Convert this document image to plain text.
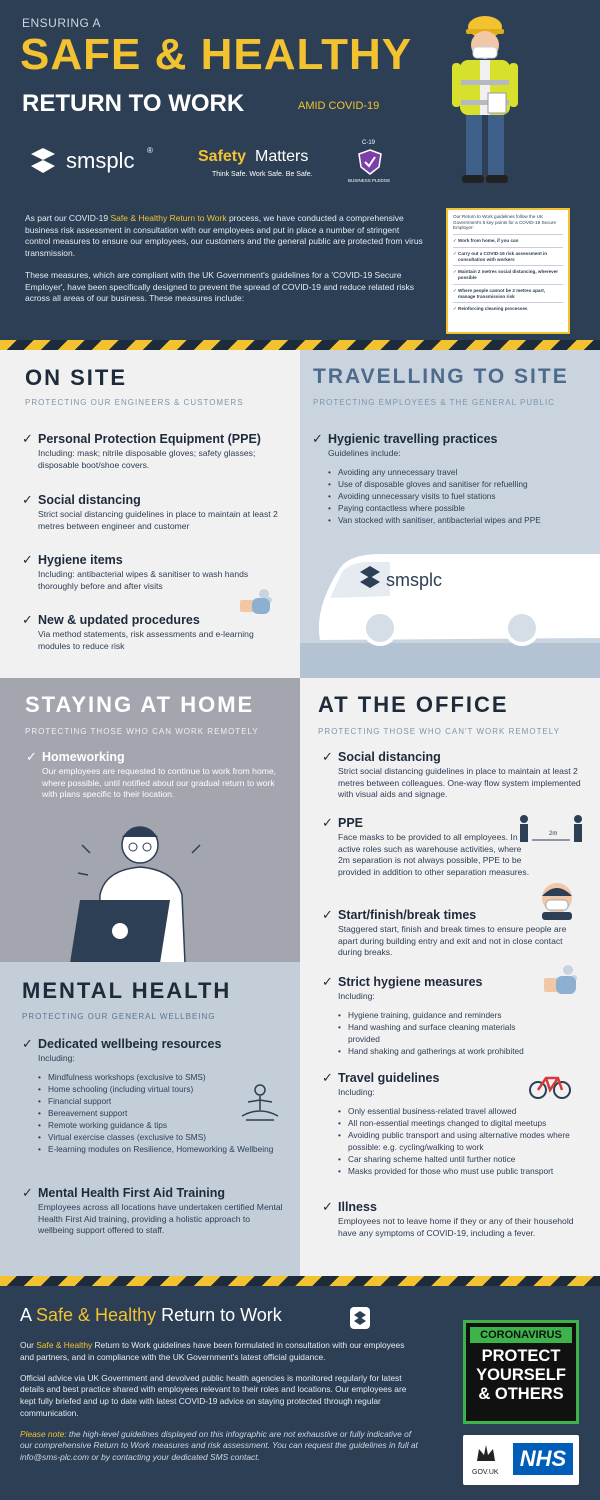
ENSURING A
SAFE & HEALTHY
RETURN TO WORK	AMID COVID-19
smsplc ®	Safety Matters
Think Safe. Work Safe. Be Safe.
C-19
BUSINESS PLEDGE

As part our COVID-19 Safe & Healthy Return to Work process, we have conducted a comprehensive business risk assessment in consultation with our employees and put in place a number of stringent control measures to ensure our employees, our customers and the general public are protected from virus transmission.

These measures, which are compliant with the UK Government's guidelines for a 'COVID-19 Secure Employer', have been specifically designed to prevent the spread of COVID-19 and reduce related risks across all areas of our business. These measures include:

Our Return to Work guidelines follow the UK Government's 5 key points for a COVID-19 Secure Employer:
✓ Work from home, if you can
✓ Carry out a COVID-19 risk assessment in consultation with workers
✓ Maintain 2 metres social distancing, wherever possible
✓ Where people cannot be 2 metres apart, manage transmission risk
✓ Reinforcing cleaning processes
ON SITE
PROTECTING OUR ENGINEERS & CUSTOMERS
✓ Personal Protection Equipment (PPE)

Including: mask; nitrile disposable gloves; safety glasses; disposable boot/shoe covers.

✓ Social distancing

Strict social distancing guidelines in place to maintain at least 2 metres between engineer and customer

✓ Hygiene items

Including: antibacterial wipes & sanitiser to wash hands thoroughly before and after visits

✓ New & updated procedures

Via method statements, risk assessments and e-learning modules to reduce risk

TRAVELLING TO SITE
PROTECTING EMPLOYEES & THE GENERAL PUBLIC
✓ Hygienic travelling practices

Guidelines include:

• Avoiding any unnecessary travel
• Use of disposable gloves and sanitiser for refuelling
• Avoiding unnecessary visits to fuel stations
• Paying contactless where possible
• Van stocked with sanitiser, antibacterial wipes and PPE
smsplc
STAYING AT HOME
PROTECTING THOSE WHO CAN WORK REMOTELY
✓ Homeworking

Our employees are requested to continue to work from home, where possible, until notified about our gradual return to work with plans specific to their location.

MENTAL HEALTH
PROTECTING OUR GENERAL WELLBEING
✓ Dedicated wellbeing resources

Including:

• Mindfulness workshops (exclusive to SMS)
• Home schooling (including virtual tours)
• Financial support
• Bereavement support
• Remote working guidance & tips
• Virtual exercise classes (exclusive to SMS)
• E-learning modules on Resilience, Homeworking & Wellbeing
✓ Mental Health First Aid Training

Employees across all locations have undertaken certified Mental Health First Aid training, providing a holistic approach to wellbeing support offered to staff.

AT THE OFFICE
PROTECTING THOSE WHO CAN'T WORK REMOTELY
✓ Social distancing

Strict social distancing guidelines in place to maintain at least 2 metres between colleagues. One-way flow system implemented with visual aids and signage.

✓ PPE

Face masks to be provided to all employees. In active roles such as warehouse activities, where 2m separation is not always possible, PPE to be provided in addition to other separation measures.

2m
✓ Start/finish/break times

Staggered start, finish and break times to ensure people are apart during building entry and exit and not in close contact during breaks.

✓ Strict hygiene measures

Including:

• Hygiene training, guidance and reminders
• Hand washing and surface cleaning materials provided
• Hand shaking and gatherings at work prohibited
✓ Travel guidelines

Including:

• Only essential business-related travel allowed
• All non-essential meetings changed to digital meetups
• Avoiding public transport and using alternative modes where possible: e.g. cycling/walking to work
• Car sharing scheme halted until further notice
• Masks provided for those who must use public transport
✓ Illness

Employees not to leave home if they or any of their household have any symptoms of COVID-19, including a fever.

A Safe & Healthy Return to Work

Our Safe & Healthy Return to Work guidelines have been formulated in consultation with our employees and partners, and in compliance with the UK Government's latest official guidance.

Official advice via UK Government and devolved public health agencies is monitored regularly for latest details and best practice shared with employees relevant to their roles and locations. Our employees are kept fully briefed and up to date with latest COVID-19 advice on staying protected through regular communication.

Please note: the high-level guidelines displayed on this infographic are not exhaustive or fully indicative of our comprehensive Return to Work measures and risk assessment. You can request the guidelines in full at info@sms-plc.com or by contacting your dedicated SMS contact.

CORONAVIRUS
PROTECT
YOURSELF
& OTHERS
GOV.UK
NHS
